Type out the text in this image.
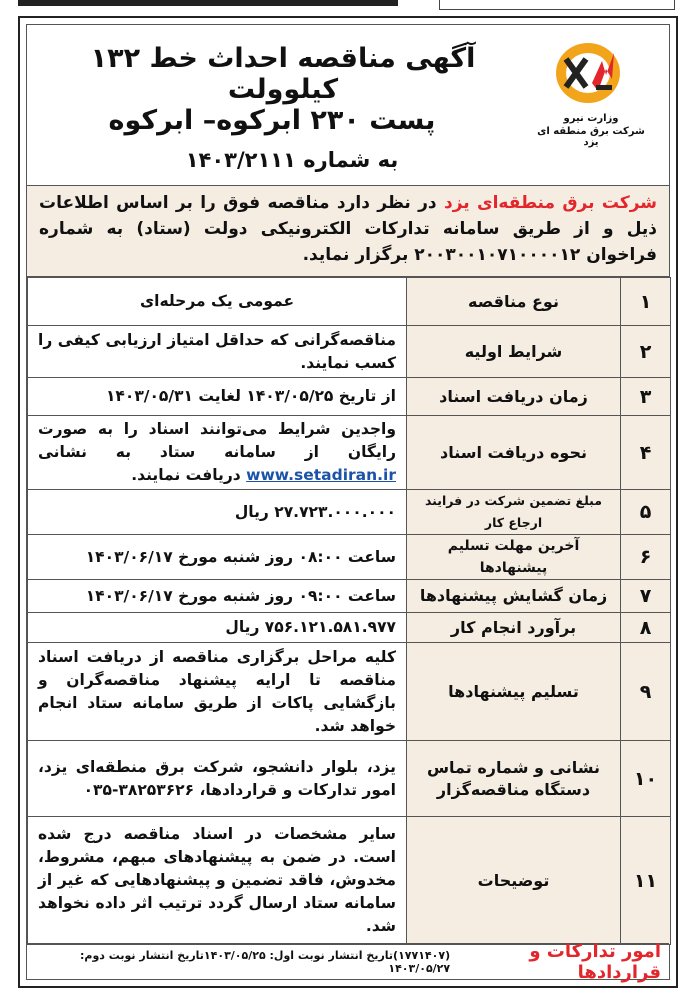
آگهی مناقصه احداث خط ۱۳۲ کیلوولت
پست ۲۳۰ ابرکوه– ابرکوه
به شماره ۱۴۰۳/۲۱۱۱
وزارت نیرو
شرکت برق منطقه ای یزد
شرکت برق منطقه‌ای یزد در نظر دارد مناقصه فوق را بر اساس اطلاعات ذیل و از طریق سامانه تدارکات الکترونیکی دولت (ستاد) به شماره فراخوان ۲۰۰۳۰۰۱۰۷۱۰۰۰۰۱۲ برگزار نماید.
۱	نوع مناقصه	عمومی یک مرحله‌ای
۲	شرایط اولیه	مناقصه‌گرانی که حداقل امتیاز ارزیابی کیفی را کسب نمایند.
۳	زمان دریافت اسناد	از تاریخ ۱۴۰۳/۰۵/۲۵ لغایت ۱۴۰۳/۰۵/۳۱
۴	نحوه دریافت اسناد	واجدین شرایط می‌توانند اسناد را به صورت رایگان از سامانه ستاد به نشانی www.setadiran.ir دریافت نمایند.
۵	مبلغ تضمین شرکت در فرایند ارجاع کار	۲۷.۷۲۳.۰۰۰.۰۰۰ ریال
۶	آخرین مهلت تسلیم پیشنهادها	ساعت ۰۸:۰۰ روز شنبه مورخ ۱۴۰۳/۰۶/۱۷
۷	زمان گشایش پیشنهادها	ساعت ۰۹:۰۰ روز شنبه مورخ ۱۴۰۳/۰۶/۱۷
۸	برآورد انجام کار	۷۵۶.۱۲۱.۵۸۱.۹۷۷ ریال
۹	تسلیم پیشنهادها	کلیه مراحل برگزاری مناقصه از دریافت اسناد مناقصه تا ارایه پیشنهاد مناقصه‌گران و بازگشایی پاکات از طریق سامانه ستاد انجام خواهد شد.
۱۰	نشانی و شماره تماس دستگاه مناقصه‌گزار	یزد، بلوار دانشجو، شرکت برق منطقه‌ای یزد، امور تدارکات و قراردادها، ۳۸۲۵۳۶۲۶-۰۳۵
۱۱	توضیحات	سایر مشخصات در اسناد مناقصه درج شده است. در ضمن به پیشنهادهای مبهم، مشروط، مخدوش، فاقد تضمین و پیشنهادهایی که غیر از سامانه ستاد ارسال گردد ترتیب اثر داده نخواهد شد.
امور تدارکات و قراردادها
(۱۷۷۱۴۰۷)تاریخ انتشار نوبت اول: ۱۴۰۳/۰۵/۲۵تاریخ انتشار نوبت دوم: ۱۴۰۳/۰۵/۲۷
